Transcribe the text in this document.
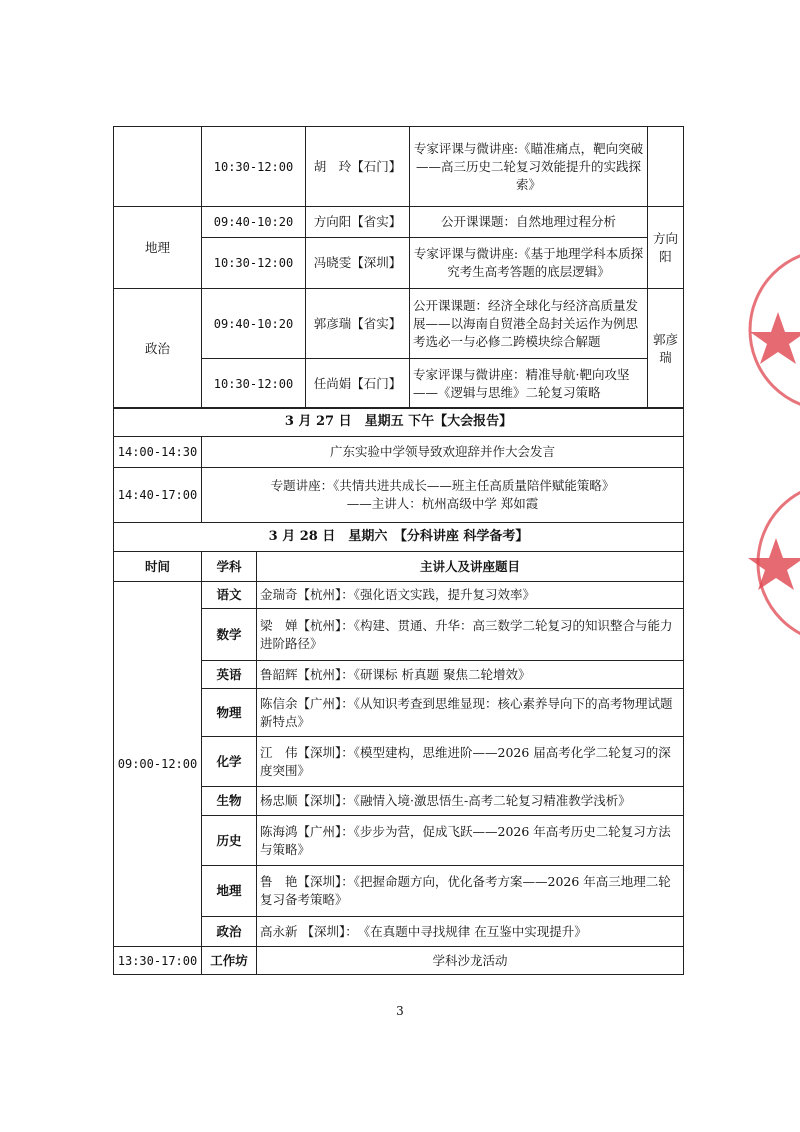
	10:30-12:00	胡　玲【石门】	专家评课与微讲座:《瞄准痛点，靶向突破——高三历史二轮复习效能提升的实践探索》	
地理	09:40-10:20	方向阳【省实】	公开课课题：自然地理过程分析	方向阳
	10:30-12:00	冯晓雯【深圳】	专家评课与微讲座:《基于地理学科本质探究考生高考答题的底层逻辑》	
政治	09:40-10:20	郭彦瑞【省实】	公开课课题：经济全球化与经济高质量发展——以海南自贸港全岛封关运作为例思考选必一与必修二跨模块综合解题	郭彦瑞
	10:30-12:00	任尚娟【石门】	专家评课与微讲座：精准导航·靶向攻坚——《逻辑与思维》二轮复习策略	
3 月 27 日　星期五 下午【大会报告】		
14:00-14:30	广东实验中学领导致欢迎辞并作大会发言	
14:40-17:00	专题讲座：《共情共进共成长——班主任高质量陪伴赋能策略》
——主讲人：杭州高级中学 郑如霞	

3 月 28 日　星期六　【分科讲座 科学备考】		
时间	学科	主讲人及讲座题目
09:00-12:00	语文	金瑞奇【杭州】：《强化语文实践，提升复习效率》
	数学	梁　婵【杭州】：《构建、贯通、升华：高三数学二轮复习的知识整合与能力进阶路径》
	英语	鲁韶辉【杭州】：《研课标 析真题 聚焦二轮增效》
	物理	陈信余【广州】：《从知识考查到思维显现：核心素养导向下的高考物理试题新特点》
	化学	江　伟【深圳】：《模型建构，思维进阶——2026 届高考化学二轮复习的深度突围》
	生物	杨忠顺【深圳】：《融情入境·激思悟生-高考二轮复习精准教学浅析》
	历史	陈海鸿【广州】：《步步为营，促成飞跃——2026 年高考历史二轮复习方法与策略》
	地理	鲁　艳【深圳】：《把握命题方向，优化备考方案——2026 年高三地理二轮复习备考策略》
	政治	高永新 【深圳】：　《在真题中寻找规律 在互鉴中实现提升》
13:30-17:00	工作坊	学科沙龙活动
3
